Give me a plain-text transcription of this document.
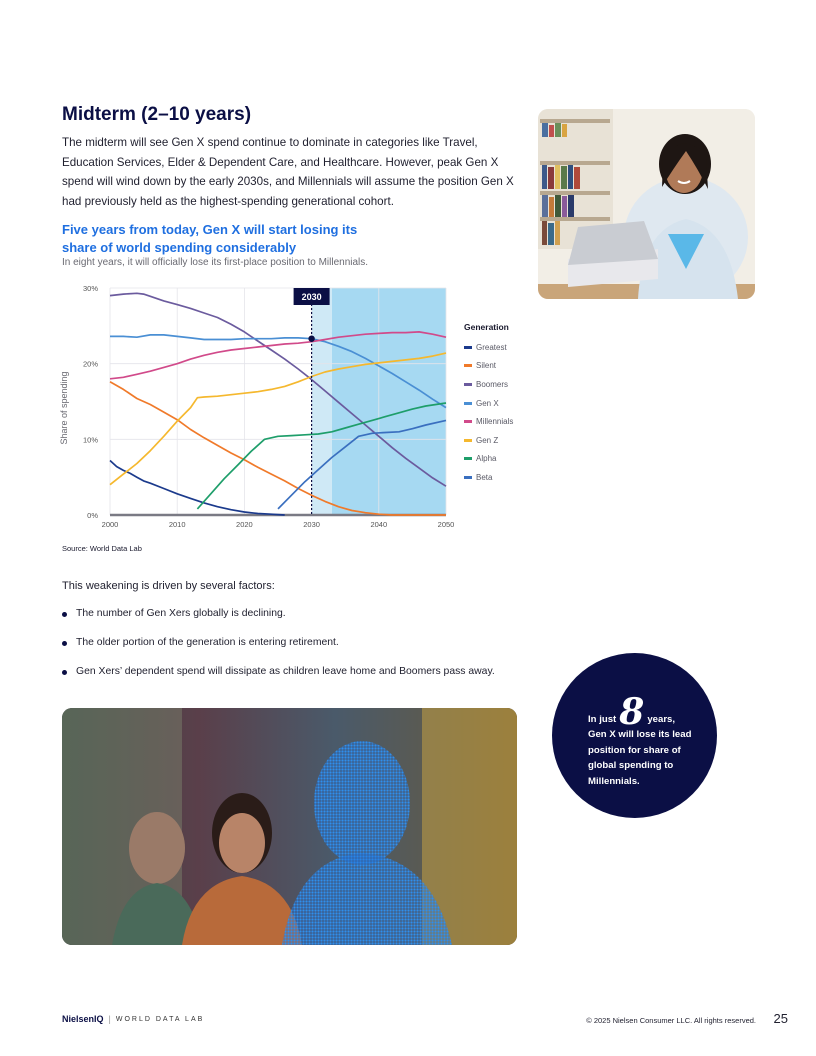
Midterm (2–10 years)

The midterm will see Gen X spend continue to dominate in categories like Travel, Education Services, Elder & Dependent Care, and Healthcare. However, peak Gen X spend will wind down by the early 2030s, and Millennials will assume the position Gen X had previously held as the highest-spending generational cohort.

Five years from today, Gen X will start losing its share of world spending considerably
In eight years, it will officially lose its first-place position to Millennials.
2030
0%
10%
20%
30%
2000	2010	2020	2030	2040	2050
Share of spending
Generation
Greatest
Silent
Boomers
Gen X
Millennials
Gen Z
Alpha
Beta
Source: World Data Lab

This weakening is driven by several factors:

The number of Gen Xers globally is declining.
The older portion of the generation is entering retirement.
Gen Xers’ dependent spend will dissipate as children leave home and Boomers pass away.
In just 8 years,
Gen X will lose its lead position for share of global spending to Millennials.
NielsenIQ | WORLD DATA LAB	© 2025 Nielsen Consumer LLC. All rights reserved. 25
